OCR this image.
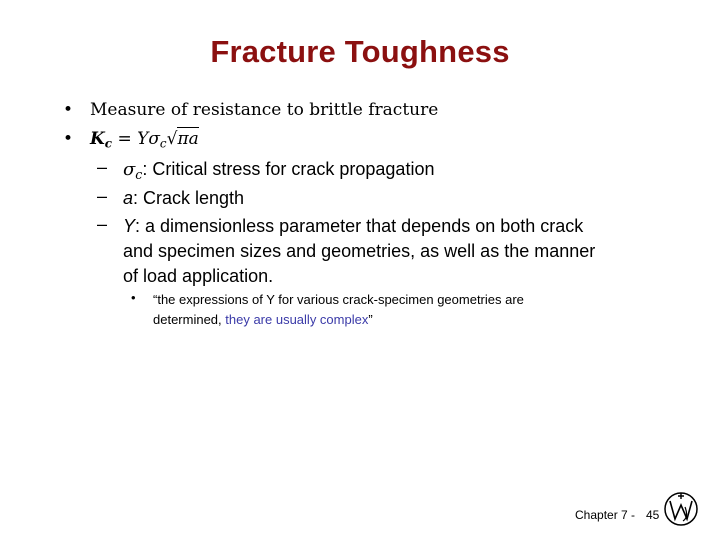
Fracture Toughness
• Measure of resistance to brittle fracture
• $K_c = Y\sigma_c√\pi a$
– $\sigma_c$: Critical stress for crack propagation
– a: Crack length
– Y: a dimensionless parameter that depends on both crack
and specimen sizes and geometries, as well as the manner
of load application.
• “the expressions of Y for various crack-specimen geometries are
determined, they are usually complex”
Chapter 7 - 45
